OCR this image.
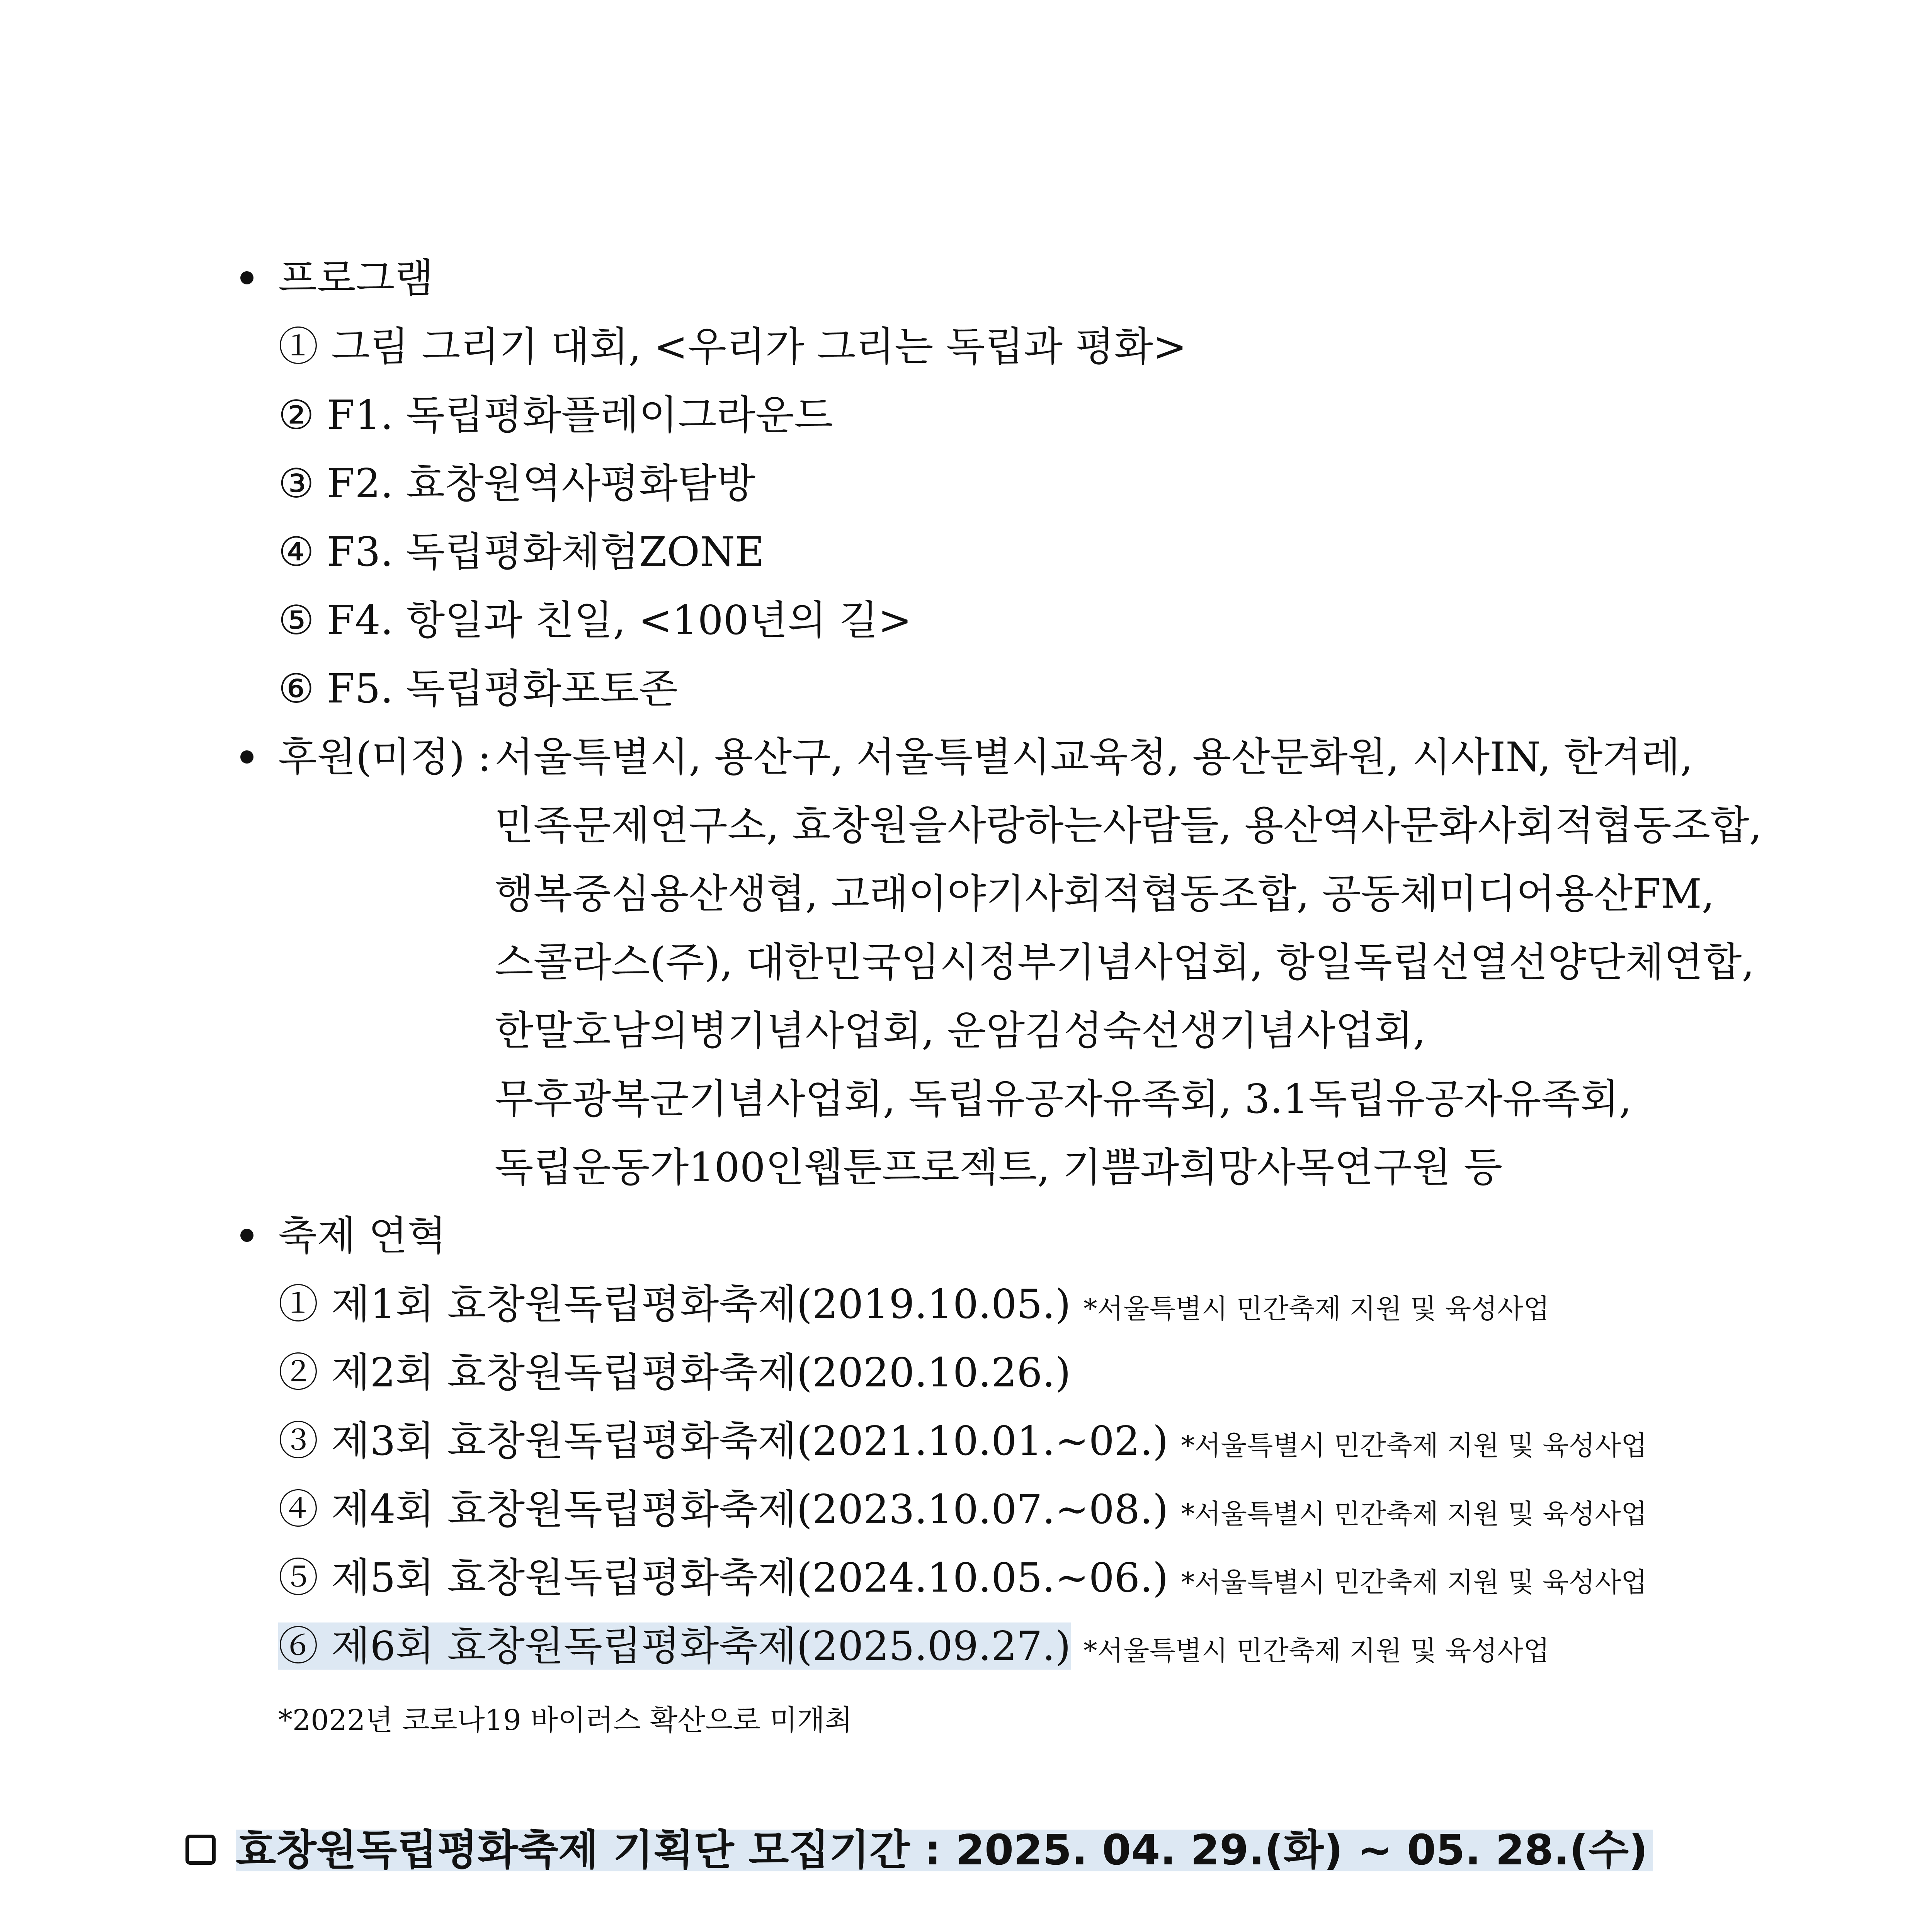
프로그램
① 그림 그리기 대회, <우리가 그리는 독립과 평화>
② F1. 독립평화플레이그라운드
③ F2. 효창원역사평화탐방
④ F3. 독립평화체험ZONE
⑤ F4. 항일과 친일, <100년의 길>
⑥ F5. 독립평화포토존
후원(미정) : 서울특별시, 용산구, 서울특별시교육청, 용산문화원, 시사IN, 한겨레,
민족문제연구소, 효창원을사랑하는사람들, 용산역사문화사회적협동조합,
행복중심용산생협, 고래이야기사회적협동조합, 공동체미디어용산FM,
스콜라스(주), 대한민국임시정부기념사업회, 항일독립선열선양단체연합,
한말호남의병기념사업회, 운암김성숙선생기념사업회,
무후광복군기념사업회, 독립유공자유족회, 3.1독립유공자유족회,
독립운동가100인웹툰프로젝트, 기쁨과희망사목연구원 등
축제 연혁
① 제1회 효창원독립평화축제(2019.10.05.) *서울특별시 민간축제 지원 및 육성사업
② 제2회 효창원독립평화축제(2020.10.26.)
③ 제3회 효창원독립평화축제(2021.10.01.~02.) *서울특별시 민간축제 지원 및 육성사업
④ 제4회 효창원독립평화축제(2023.10.07.~08.) *서울특별시 민간축제 지원 및 육성사업
⑤ 제5회 효창원독립평화축제(2024.10.05.~06.) *서울특별시 민간축제 지원 및 육성사업
⑥ 제6회 효창원독립평화축제(2025.09.27.) *서울특별시 민간축제 지원 및 육성사업
*2022년 코로나19 바이러스 확산으로 미개최
효창원독립평화축제 기획단 모집기간 : 2025. 04. 29.(화) ~ 05. 28.(수)
